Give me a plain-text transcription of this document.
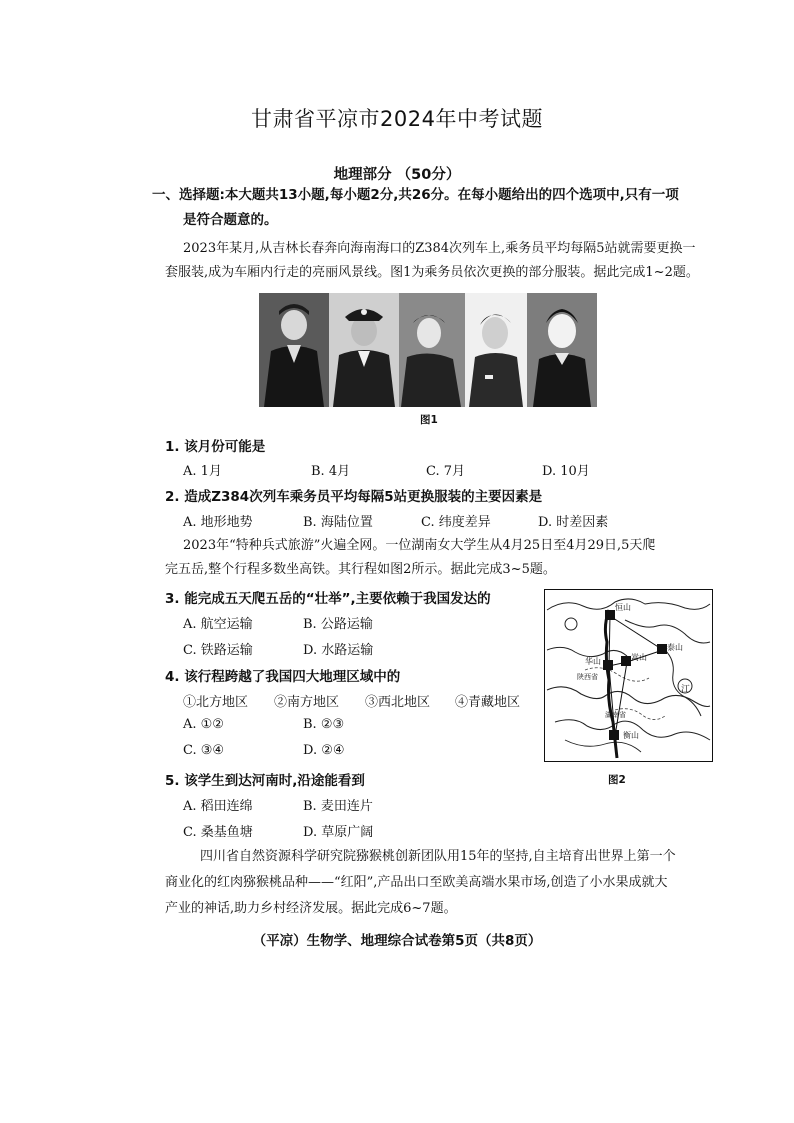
甘肃省平凉市2024年中考试题
地理部分 （50分）
一、选择题:本大题共13小题,每小题2分,共26分。在每小题给出的四个选项中,只有一项
是符合题意的。
2023年某月,从吉林长春奔向海南海口的Z384次列车上,乘务员平均每隔5站就需要更换一
套服装,成为车厢内行走的亮丽风景线。图1为乘务员依次更换的部分服装。据此完成1~2题。
图1
1. 该月份可能是
A. 1月	B. 4月	C. 7月	D. 10月
2. 造成Z384次列车乘务员平均每隔5站更换服装的主要因素是
A. 地形地势	B. 海陆位置	C. 纬度差异	D. 时差因素
2023年“特种兵式旅游”火遍全网。一位湖南女大学生从4月25日至4月29日,5天爬
完五岳,整个行程多数坐高铁。其行程如图2所示。据此完成3~5题。
3. 能完成五天爬五岳的“壮举”,主要依赖于我国发达的
A. 航空运输	B. 公路运输
C. 铁路运输	D. 水路运输
4. 该行程跨越了我国四大地理区域中的
①北方地区 ②南方地区 ③西北地区 ④青藏地区
A. ①②	B. ②③
C. ③④	D. ②④
5. 该学生到达河南时,沿途能看到
A. 稻田连绵	B. 麦田连片
C. 桑基鱼塘	D. 草原广阔
恒山
泰山
华山	嵩山
衡山
陕西省
湖南省
江
图2
四川省自然资源科学研究院猕猴桃创新团队用15年的坚持,自主培育出世界上第一个
商业化的红肉猕猴桃品种——“红阳”,产品出口至欧美高端水果市场,创造了小水果成就大
产业的神话,助力乡村经济发展。据此完成6~7题。
（平凉）生物学、地理综合试卷第5页（共8页）
